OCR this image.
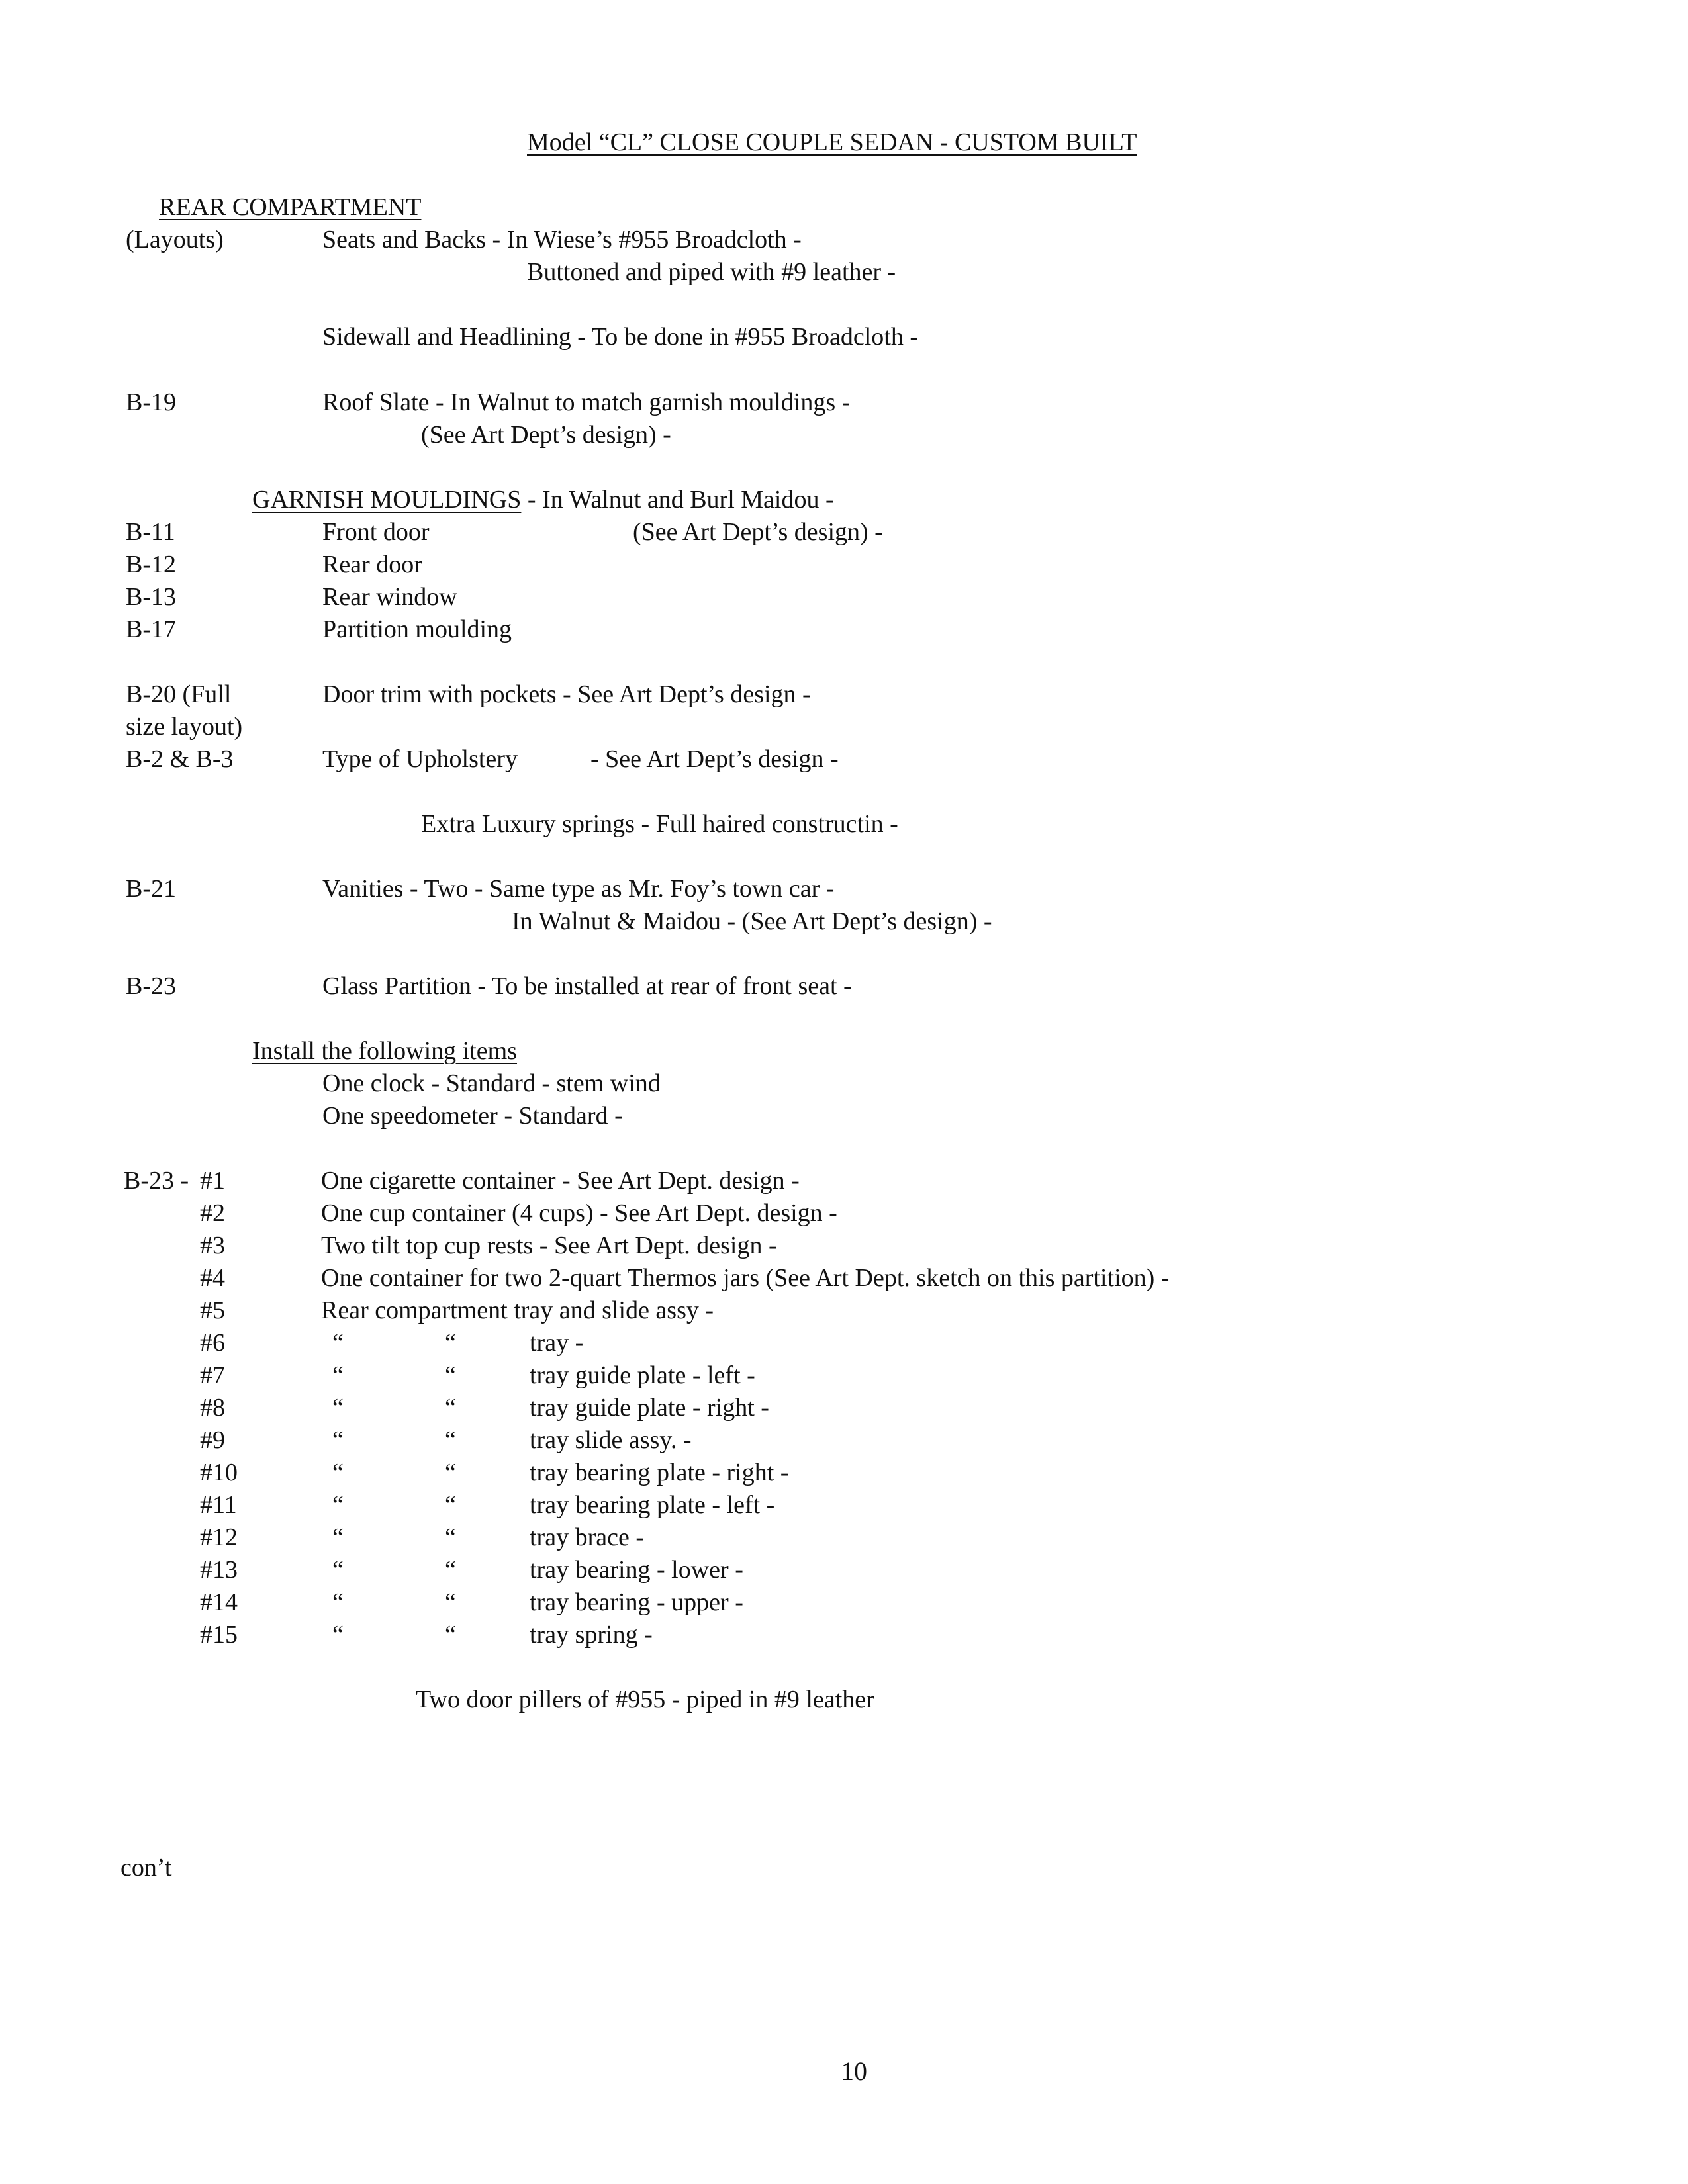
Model “CL” CLOSE COUPLE SEDAN - CUSTOM BUILT
REAR COMPARTMENT
(Layouts)	Seats and Backs - In Wiese’s #955 Broadcloth -
Buttoned and piped with #9 leather -
Sidewall and Headlining - To be done in #955 Broadcloth -
B-19	Roof Slate - In Walnut to match garnish mouldings -
(See Art Dept’s design) -
GARNISH MOULDINGS - In Walnut and Burl Maidou -
B-11	Front door	(See Art Dept’s design) -
B-12	Rear door
B-13	Rear window
B-17	Partition moulding
B-20 (Full	Door trim with pockets - See Art Dept’s design -
size layout)
B-2 & B-3	Type of Upholstery	- See Art Dept’s design -
Extra Luxury springs - Full haired constructin -
B-21	Vanities - Two - Same type as Mr. Foy’s town car -
In Walnut & Maidou - (See Art Dept’s design) -
B-23	Glass Partition - To be installed at rear of front seat -
Install the following items
One clock - Standard - stem wind
One speedometer - Standard -
B-23 - #1	One cigarette container - See Art Dept. design -
#2	One cup container (4 cups) - See Art Dept. design -
#3	Two tilt top cup rests - See Art Dept. design -
#4	One container for two 2-quart Thermos jars (See Art Dept. sketch on this partition) -
#5	Rear compartment tray and slide assy -
#6	“	“	tray -
#7	“	“	tray guide plate - left -
#8	“	“	tray guide plate - right -
#9	“	“	tray slide assy. -
#10	“	“	tray bearing plate - right -
#11	“	“	tray bearing plate - left -
#12	“	“	tray brace -
#13	“	“	tray bearing - lower -
#14	“	“	tray bearing - upper -
#15	“	“	tray spring -
Two door pillers of #955 - piped in #9 leather
con’t
10
